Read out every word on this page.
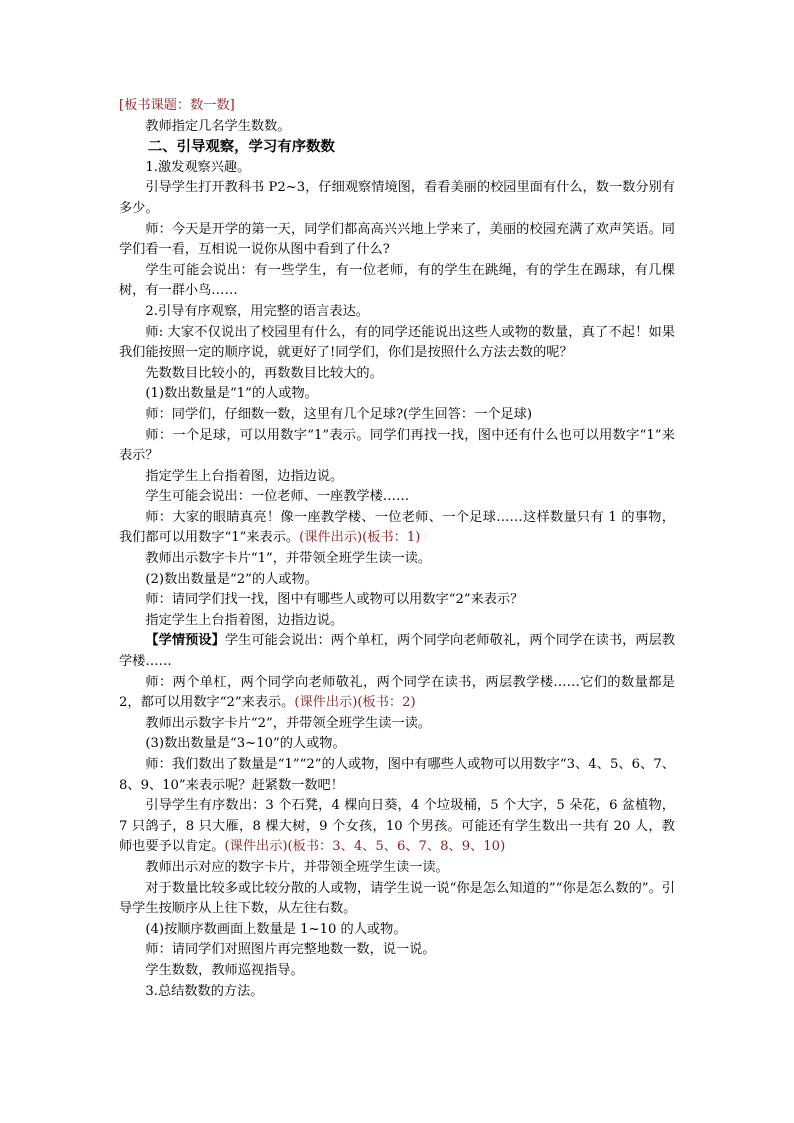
[板书课题：数一数]

教师指定几名学生数数。

二、引导观察，学习有序数数

1.激发观察兴趣。

引导学生打开教科书 P2~3，仔细观察情境图，看看美丽的校园里面有什么，数一数分别有多少。

师：今天是开学的第一天，同学们都高高兴兴地上学来了，美丽的校园充满了欢声笑语。同学们看一看，互相说一说你从图中看到了什么?

学生可能会说出：有一些学生，有一位老师，有的学生在跳绳，有的学生在踢球，有几棵树，有一群小鸟……

2.引导有序观察，用完整的语言表达。

师: 大家不仅说出了校园里有什么，有的同学还能说出这些人或物的数量，真了不起！如果我们能按照一定的顺序说，就更好了!同学们，你们是按照什么方法去数的呢？

先数数目比较小的，再数数目比较大的。

(1)数出数量是“1”的人或物。

师：同学们，仔细数一数，这里有几个足球?(学生回答：一个足球)

师：一个足球，可以用数字“1”表示。同学们再找一找，图中还有什么也可以用数字“1”来表示？

指定学生上台指着图，边指边说。

学生可能会说出：一位老师、一座教学楼……

师：大家的眼睛真亮！像一座教学楼、一位老师、一个足球……这样数量只有 1 的事物，我们都可以用数字“1”来表示。(课件出示)(板书：1)

教师出示数字卡片“1”，并带领全班学生读一读。

(2)数出数量是“2”的人或物。

师：请同学们找一找，图中有哪些人或物可以用数字“2”来表示？

指定学生上台指着图，边指边说。

【学情预设】学生可能会说出：两个单杠，两个同学向老师敬礼，两个同学在读书，两层教学楼……

师：两个单杠，两个同学向老师敬礼，两个同学在读书，两层教学楼……它们的数量都是 2，都可以用数字“2”来表示。(课件出示)(板书：2)

教师出示数字卡片“2”，并带领全班学生读一读。

(3)数出数量是“3~10”的人或物。

师：我们数出了数量是“1”“2”的人或物，图中有哪些人或物可以用数字“3、4、5、6、7、8、9、10”来表示呢？赶紧数一数吧！

引导学生有序数出：3 个石凳，4 棵向日葵，4 个垃圾桶，5 个大字，5 朵花，6 盆植物，7 只鸽子，8 只大雁，8 棵大树，9 个女孩，10 个男孩。可能还有学生数出一共有 20 人，教师也要予以肯定。(课件出示)(板书：3、4、5、6、7、8、9、10)

教师出示对应的数字卡片，并带领全班学生读一读。

对于数量比较多或比较分散的人或物，请学生说一说“你是怎么知道的”“你是怎么数的”。引导学生按顺序从上往下数，从左往右数。

(4)按顺序数画面上数量是 1~10 的人或物。

师：请同学们对照图片再完整地数一数，说一说。

学生数数，教师巡视指导。

3.总结数数的方法。
